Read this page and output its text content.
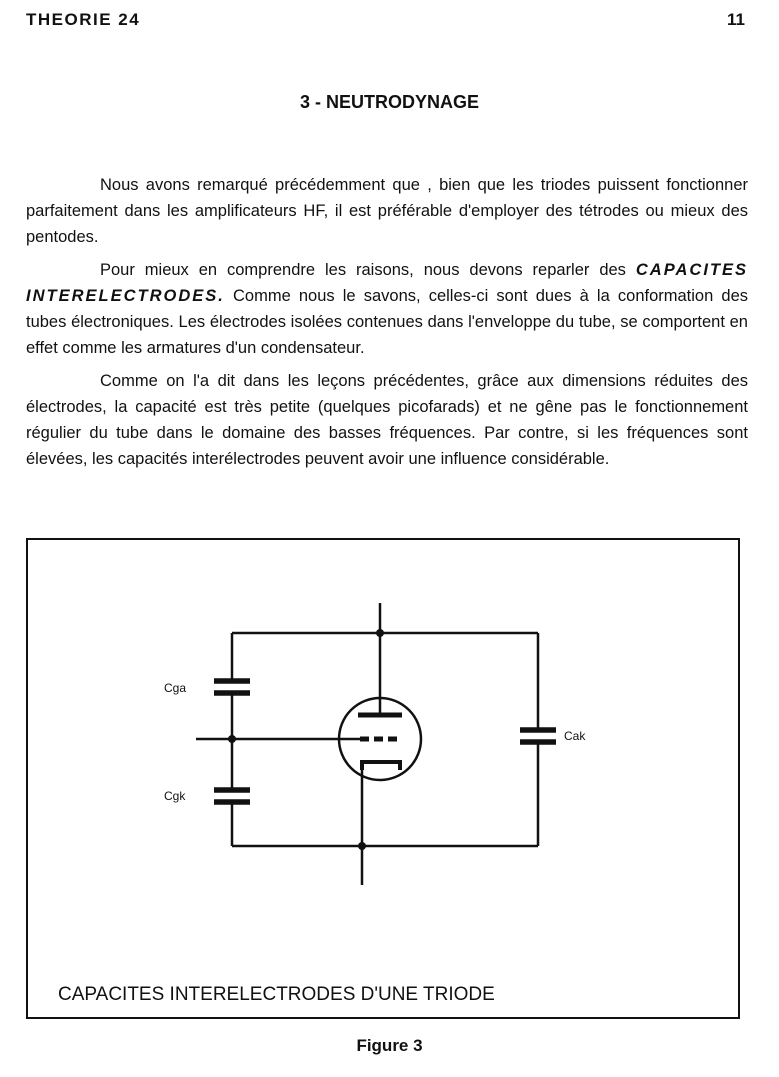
THEORIE 24	11
3 - NEUTRODYNAGE

Nous avons remarqué précédemment que , bien que les triodes puissent fonctionner parfaitement dans les amplificateurs HF, il est préférable d'employer des tétrodes ou mieux des pentodes.

Pour mieux en comprendre les raisons, nous devons reparler des CAPACITES INTERELECTRODES. Comme nous le savons, celles-ci sont dues à la conformation des tubes électroniques. Les électrodes isolées contenues dans l'enveloppe du tube, se comportent en effet comme les armatures d'un condensateur.

Comme on l'a dit dans les leçons précédentes, grâce aux dimensions réduites des électrodes, la capacité est très petite (quelques picofarads) et ne gêne pas le fonctionnement régulier du tube dans le domaine des basses fréquences. Par contre, si les fréquences sont élevées, les capacités interélectrodes peuvent avoir une influence considérable.

Cga
Cgk
Cak
CAPACITES INTERELECTRODES D'UNE TRIODE
Figure 3
